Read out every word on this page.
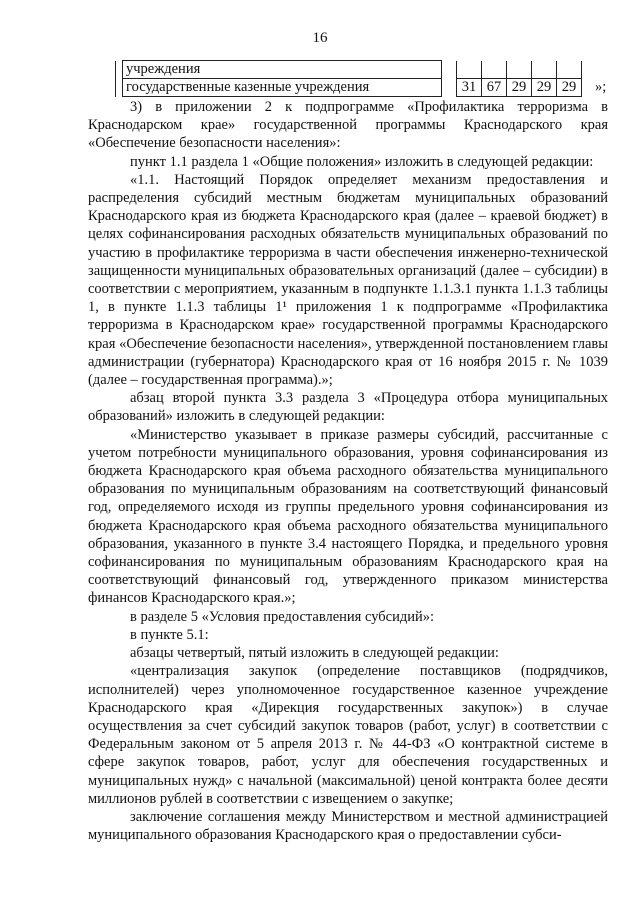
16
	учреждения						
	государственные казенные учреждения		31	67	29	29	29 »;

3) в приложении 2 к подпрограмме «Профилактика терроризма в Краснодарском крае» государственной программы Краснодарского края «Обеспечение безопасности населения»:

пункт 1.1 раздела 1 «Общие положения» изложить в следующей редакции:

«1.1. Настоящий Порядок определяет механизм предоставления и распределения субсидий местным бюджетам муниципальных образований Краснодарского края из бюджета Краснодарского края (далее – краевой бюджет) в целях софинансирования расходных обязательств муниципальных образований по участию в профилактике терроризма в части обеспечения инженерно-технической защищенности муниципальных образовательных организаций (далее – субсидии) в соответствии с мероприятием, указанным в подпункте 1.1.3.1 пункта 1.1.3 таблицы 1, в пункте 1.1.3 таблицы 1¹ приложения 1 к подпрограмме «Профилактика терроризма в Краснодарском крае» государственной программы Краснодарского края «Обеспечение безопасности населения», утвержденной постановлением главы администрации (губернатора) Краснодарского края от 16 ноября 2015 г. № 1039 (далее – государственная программа).»;

абзац второй пункта 3.3 раздела 3 «Процедура отбора муниципальных образований» изложить в следующей редакции:

«Министерство указывает в приказе размеры субсидий, рассчитанные с учетом потребности муниципального образования, уровня софинансирования из бюджета Краснодарского края объема расходного обязательства муниципального образования по муниципальным образованиям на соответствующий финансовый год, определяемого исходя из группы предельного уровня софинансирования из бюджета Краснодарского края объема расходного обязательства муниципального образования, указанного в пункте 3.4 настоящего Порядка, и предельного уровня софинансирования по муниципальным образованиям Краснодарского края на соответствующий финансовый год, утвержденного приказом министерства финансов Краснодарского края.»;

в разделе 5 «Условия предоставления субсидий»:

в пункте 5.1:

абзацы четвертый, пятый изложить в следующей редакции:

«централизация закупок (определение поставщиков (подрядчиков, исполнителей) через уполномоченное государственное казенное учреждение Краснодарского края «Дирекция государственных закупок») в случае осуществления за счет субсидий закупок товаров (работ, услуг) в соответствии с Федеральным законом от 5 апреля 2013 г. № 44-ФЗ «О контрактной системе в сфере закупок товаров, работ, услуг для обеспечения государственных и муниципальных нужд» с начальной (максимальной) ценой контракта более десяти миллионов рублей в соответствии с извещением о закупке;

заключение соглашения между Министерством и местной администрацией муниципального образования Краснодарского края о предоставлении субси-
